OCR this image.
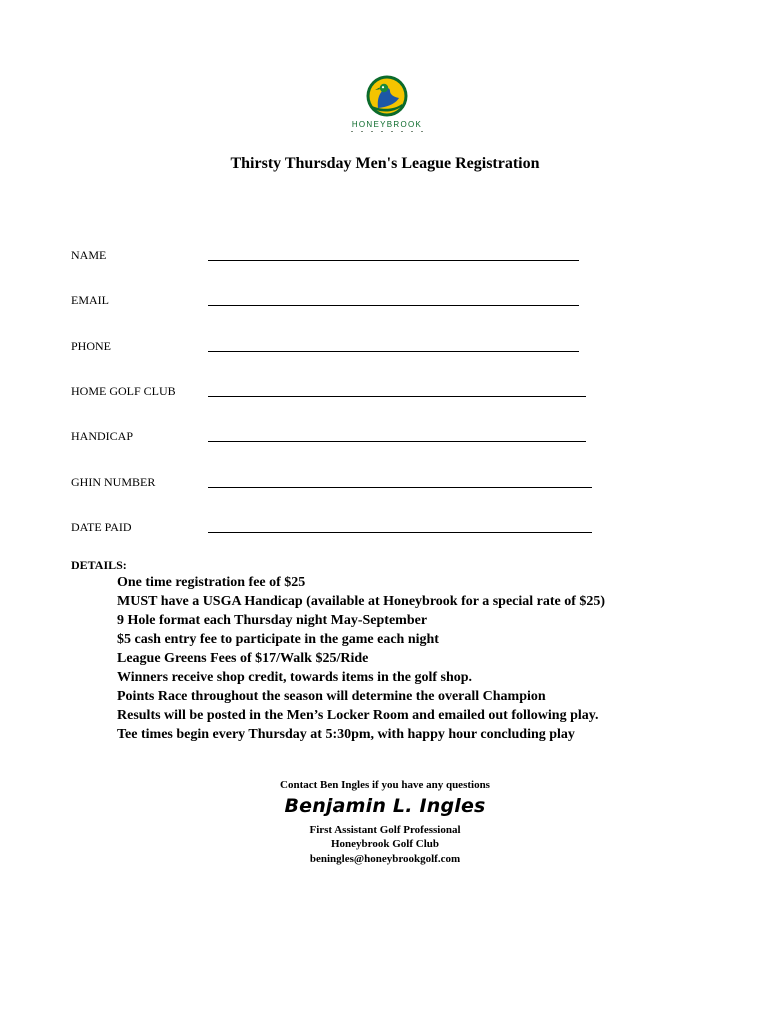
HONEYBROOK
Thirsty Thursday Men's League Registration
NAME
EMAIL
PHONE
HOME GOLF CLUB
HANDICAP
GHIN NUMBER
DATE PAID
DETAILS:
One time registration fee of $25
MUST have a USGA Handicap (available at Honeybrook for a special rate of $25)
9 Hole format each Thursday night May-September
$5 cash entry fee to participate in the game each night
League Greens Fees of $17/Walk $25/Ride
Winners receive shop credit, towards items in the golf shop.
Points Race throughout the season will determine the overall Champion
Results will be posted in the Men’s Locker Room and emailed out following play.
Tee times begin every Thursday at 5:30pm, with happy hour concluding play
Contact Ben Ingles if you have any questions
Benjamin L. Ingles
First Assistant Golf Professional
Honeybrook Golf Club
beningles@honeybrookgolf.com
